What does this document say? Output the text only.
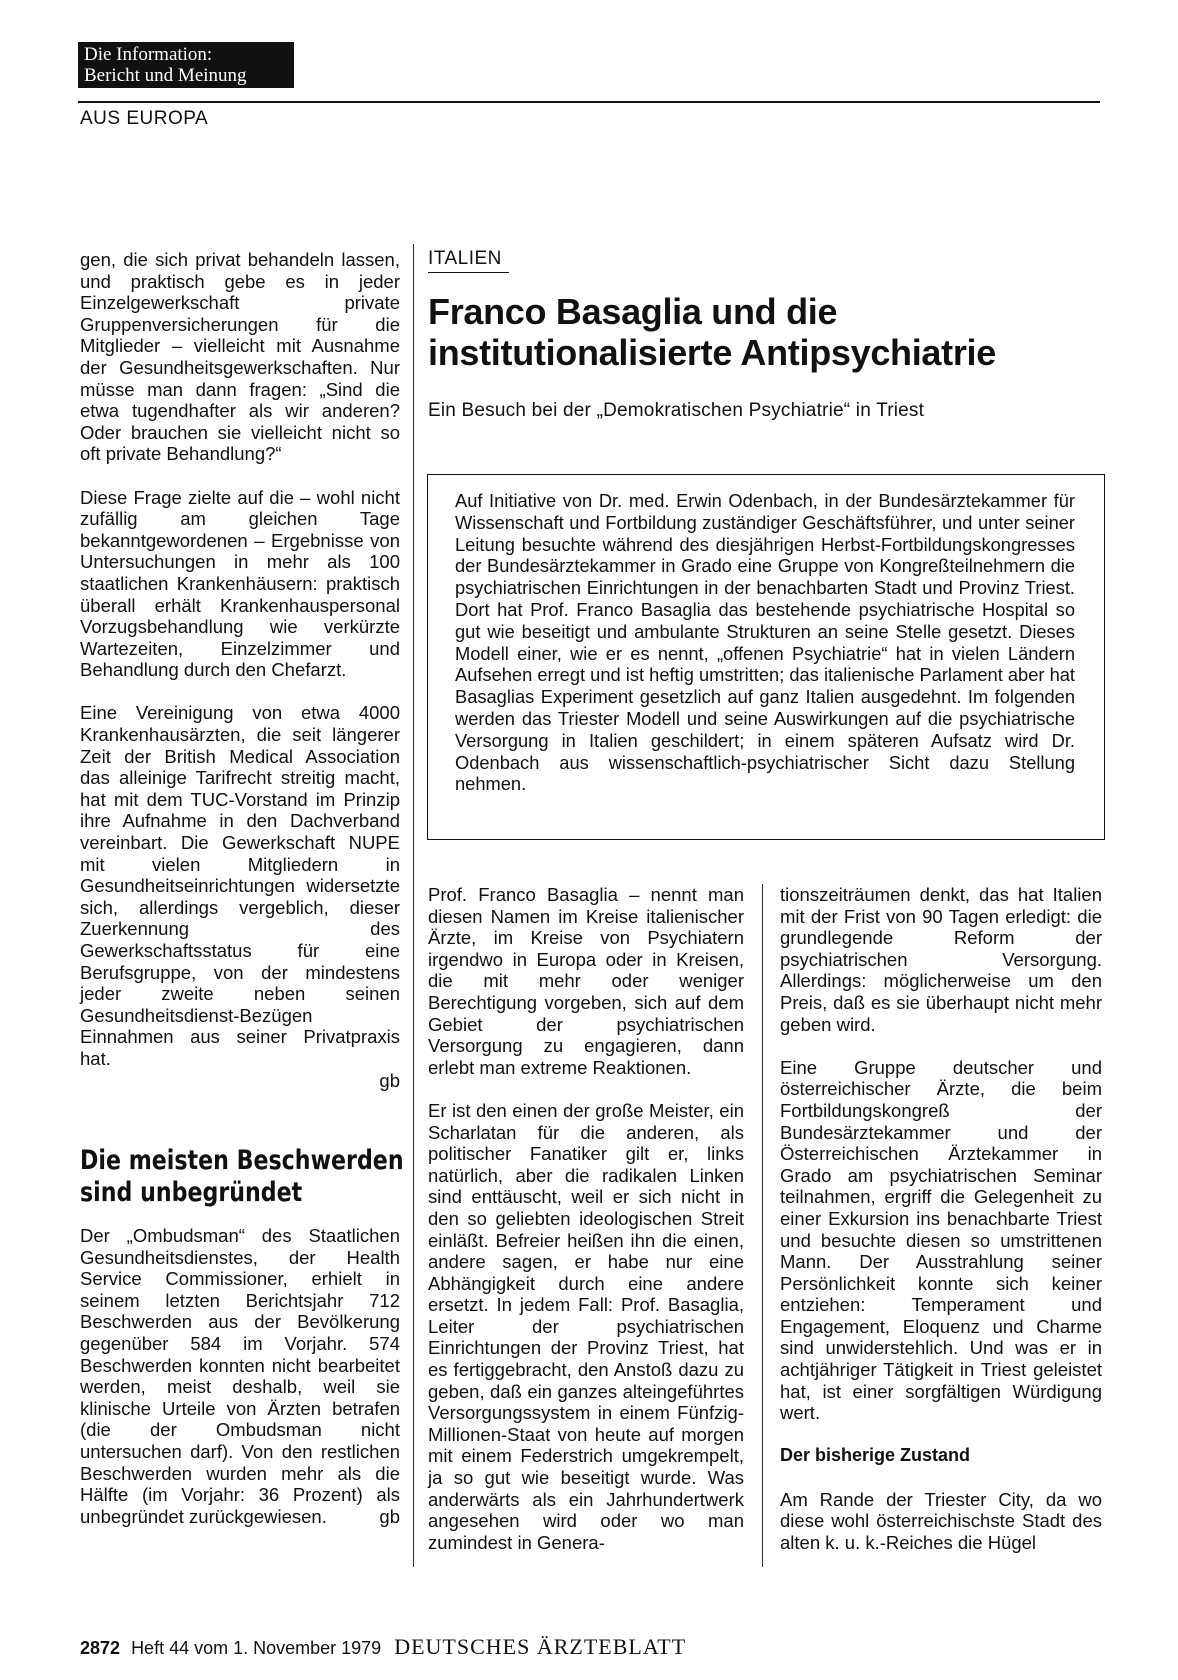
Die Information:
Bericht und Meinung
AUS EUROPA

gen, die sich privat behandeln lassen, und praktisch gebe es in jeder Einzelgewerkschaft private Gruppenversicherungen für die Mitglieder – vielleicht mit Ausnahme der Gesundheitsgewerkschaften. Nur müsse man dann fragen: „Sind die etwa tugendhafter als wir anderen? Oder brauchen sie vielleicht nicht so oft private Behandlung?“

Diese Frage zielte auf die – wohl nicht zufällig am gleichen Tage bekanntgewordenen – Ergebnisse von Untersuchungen in mehr als 100 staatlichen Krankenhäusern: praktisch überall erhält Krankenhauspersonal Vorzugsbehandlung wie verkürzte Wartezeiten, Einzelzimmer und Behandlung durch den Chefarzt.

Eine Vereinigung von etwa 4000 Krankenhausärzten, die seit längerer Zeit der British Medical Association das alleinige Tarifrecht streitig macht, hat mit dem TUC-Vorstand im Prinzip ihre Aufnahme in den Dachverband vereinbart. Die Gewerkschaft NUPE mit vielen Mitgliedern in Gesundheitseinrichtungen widersetzte sich, allerdings vergeblich, dieser Zuerkennung des Gewerkschaftsstatus für eine Berufsgruppe, von der mindestens jeder zweite neben seinen Gesundheitsdienst-Bezügen Einnahmen aus seiner Privatpraxis hat.

gb
Die meisten Beschwerden sind unbegründet

Der „Ombudsman“ des Staatlichen Gesundheitsdienstes, der Health Service Commissioner, erhielt in seinem letzten Berichtsjahr 712 Beschwerden aus der Bevölkerung gegenüber 584 im Vorjahr. 574 Beschwerden konnten nicht bearbeitet werden, meist deshalb, weil sie klinische Urteile von Ärzten betrafen (die der Ombudsman nicht untersuchen darf). Von den restlichen Beschwerden wurden mehr als die Hälfte (im Vorjahr: 36 Prozent) als unbegründet zurückgewiesen.	gb
ITALIEN
Franco Basaglia und die institutionalisierte Antipsychiatrie
Ein Besuch bei der „Demokratischen Psychiatrie“ in Triest
Auf Initiative von Dr. med. Erwin Odenbach, in der Bundesärztekammer für Wissenschaft und Fortbildung zuständiger Geschäftsführer, und unter seiner Leitung besuchte während des diesjährigen Herbst-Fortbildungskongresses der Bundesärztekammer in Grado eine Gruppe von Kongreßteilnehmern die psychiatrischen Einrichtungen in der benachbarten Stadt und Provinz Triest. Dort hat Prof. Franco Basaglia das bestehende psychiatrische Hospital so gut wie beseitigt und ambulante Strukturen an seine Stelle gesetzt. Dieses Modell einer, wie er es nennt, „offenen Psychiatrie“ hat in vielen Ländern Aufsehen erregt und ist heftig umstritten; das italienische Parlament aber hat Basaglias Experiment gesetzlich auf ganz Italien ausgedehnt. Im folgenden werden das Triester Modell und seine Auswirkungen auf die psychiatrische Versorgung in Italien geschildert; in einem späteren Aufsatz wird Dr. Odenbach aus wissenschaftlich-psychiatrischer Sicht dazu Stellung nehmen.

Prof. Franco Basaglia – nennt man diesen Namen im Kreise italienischer Ärzte, im Kreise von Psychiatern irgendwo in Europa oder in Kreisen, die mit mehr oder weniger Berechtigung vorgeben, sich auf dem Gebiet der psychiatrischen Versorgung zu engagieren, dann erlebt man extreme Reaktionen.

Er ist den einen der große Meister, ein Scharlatan für die anderen, als politischer Fanatiker gilt er, links natürlich, aber die radikalen Linken sind enttäuscht, weil er sich nicht in den so geliebten ideologischen Streit einläßt. Befreier heißen ihn die einen, andere sagen, er habe nur eine Abhängigkeit durch eine andere ersetzt. In jedem Fall: Prof. Basaglia, Leiter der psychiatrischen Einrichtungen der Provinz Triest, hat es fertiggebracht, den Anstoß dazu zu geben, daß ein ganzes alteingeführtes Versorgungssystem in einem Fünfzig-Millionen-Staat von heute auf morgen mit einem Federstrich umgekrempelt, ja so gut wie beseitigt wurde. Was anderwärts als ein Jahrhundertwerk angesehen wird oder wo man zumindest in Genera-

tionszeiträumen denkt, das hat Italien mit der Frist von 90 Tagen erledigt: die grundlegende Reform der psychiatrischen Versorgung. Allerdings: möglicherweise um den Preis, daß es sie überhaupt nicht mehr geben wird.

Eine Gruppe deutscher und österreichischer Ärzte, die beim Fortbildungskongreß der Bundesärztekammer und der Österreichischen Ärztekammer in Grado am psychiatrischen Seminar teilnahmen, ergriff die Gelegenheit zu einer Exkursion ins benachbarte Triest und besuchte diesen so umstrittenen Mann. Der Ausstrahlung seiner Persönlichkeit konnte sich keiner entziehen: Temperament und Engagement, Eloquenz und Charme sind unwiderstehlich. Und was er in achtjähriger Tätigkeit in Triest geleistet hat, ist einer sorgfältigen Würdigung wert.

Der bisherige Zustand

Am Rande der Triester City, da wo diese wohl österreichischste Stadt des alten k. u. k.-Reiches die Hügel

2872 Heft 44 vom 1. November 1979 DEUTSCHES ÄRZTEBLATT
